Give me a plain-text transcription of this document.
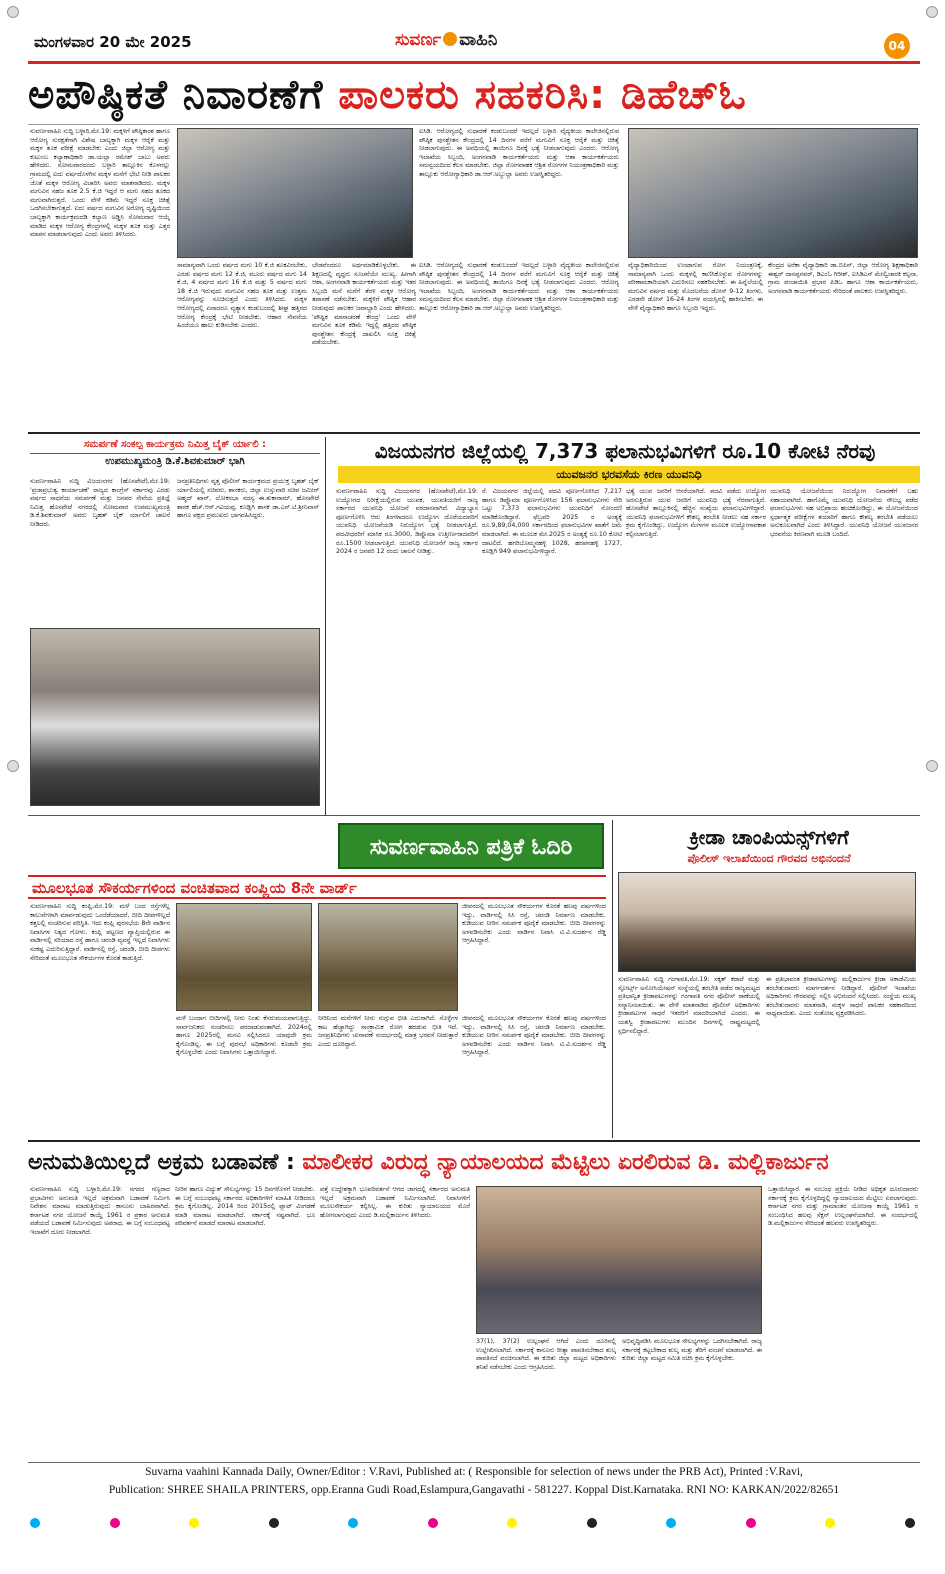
ಮಂಗಳವಾರ 20 ಮೇ 2025	ಸುವರ್ಣ ವಾಹಿನಿ	04
ಅಪೌಷ್ಠಿಕತೆ ನಿವಾರಣೆಗೆ ಪಾಲಕರು ಸಹಕರಿಸಿ: ಡಿಹೆಚ್‌ಓ
ಸುವರ್ಣವಾಹಿನಿ ಸುದ್ದಿ ಬಳ್ಳಾರಿ,ಮೇ.19: ಮಕ್ಕಳಿಗೆ ಪೌಷ್ಠಿಕಾಂಶ ಹಾಗೂ ಆರೋಗ್ಯ ಸುರಕ್ಷತೆಗಾಗಿ ವಿಶೇಷ ಬಾಲ್ಯಕ್ಕಾಗಿ ಮಕ್ಕಳ ಆರೈಕೆ ಮತ್ತು ಮಕ್ಕಳ ತೂಕ ಪರೀಕ್ಷೆ ಮಾಡಬೇಕು ಎಂದು ಜಿಲ್ಲಾ ಆರೋಗ್ಯ ಮತ್ತು ಕುಟುಂಬ ಕಲ್ಯಾಣಾಧಿಕಾರಿ ಡಾ.ಯಲ್ಲಾ ರಮೇಶ್ ಬಾಬು ಅವರು ಹೇಳಿದರು. ಸೋಮವಾರದಂದು ಬಳ್ಳಾರಿ ತಾಲ್ಲೂಕಿನ ಕೊಳಗಲ್ಲು ಗ್ರಾಮದಲ್ಲಿ ಐದು ವರ್ಷದೊಳಗಿನ ಮಕ್ಕಳ ಮನೆಗೆ ಭೇಟಿ ನೀಡಿ ಪಾಲಕರ ಜೊತೆ ಮಕ್ಕಳ ಆರೋಗ್ಯ ವಿಚಾರಿಸಿ ಅವರು ಮಾತನಾಡಿದರು. ಮಕ್ಕಳ ಮಗುವಿನ ಸಹಜ ತೂಕ 2.5 ಕೆ.ಜಿ ಇದ್ದರೆ ಆ ಮಗು ಸಹಜ ತೂಕದ ಮಗುವಾಗಿರುತ್ತದೆ. ಒಂದು ವೇಳೆ ಕಡಿಮೆ ಇದ್ದರೆ ಸೂಕ್ತ ಚಿಕಿತ್ಸೆ ಒದಗಿಸಬೇಕಾಗುತ್ತದೆ. ಐದು ವರ್ಷದ ಮಗುವಿನ ಅರೋಗ್ಯ ದೃಷ್ಟಿಯಿಂದ ಬಾಲ್ಯಕ್ಕಾಗಿ ಕಾರ್ಯಕ್ರಮದಡಿ ಕಲ್ಯಾಣ ಅಡ್ಡಿಸಿ ಸೋಮವಾರ ಆಯ್ಕೆ ಮಾಡಿದ ಮಕ್ಕಳ ಆರೋಗ್ಯ ಕೇಂದ್ರಗಳಲ್ಲಿ ಮಕ್ಕಳ ತೂಕ ಮತ್ತು ಎತ್ತರ ಮಾಪನ ಮಾಡಲಾಗುವುದು ಎಂದು ಅವರು ತಿಳಿಸಿದರು.
ಐಸಿಡಿ. ಆರೋಗ್ಯದಲ್ಲಿ ಸುಧಾರಣೆ ಕಂಡುಬಂದರೆ ಇದಲ್ಲದೆ ಬಳ್ಳಾರಿ ವೈದ್ಯಕೀಯ ಕಾಲೇಜಿನಲ್ಲಿರುವ ಪೌಷ್ಠಿಕ ಪುನಶ್ಚೇತನ ಕೇಂದ್ರದಲ್ಲಿ 14 ದಿನಗಳ ವರೆಗೆ ಮಗುವಿಗೆ ಸೂಕ್ತ ಆರೈಕೆ ಮತ್ತು ಚಿಕಿತ್ಸೆ ನೀಡಲಾಗುವುದು. ಈ ಅವಧಿಯಲ್ಲಿ ತಾಯಿಗೂ ದಿನಕ್ಕೆ ಭತ್ಯೆ ನೀಡಲಾಗುವುದು ಎಂದರು. ಆರೋಗ್ಯ ಇಲಾಖೆಯ ಸಿಬ್ಬಂದಿ, ಅಂಗನವಾಡಿ ಕಾರ್ಯಕರ್ತೆಯರು ಮತ್ತು ಆಶಾ ಕಾರ್ಯಕರ್ತೆಯರು ಸಮನ್ವಯದಿಂದ ಕೆಲಸ ಮಾಡಬೇಕು. ಜಿಲ್ಲಾ ರೋಗವಾಹಕ ಆಶ್ರಿತ ರೋಗಗಳ ನಿಯಂತ್ರಣಾಧಿಕಾರಿ ಮತ್ತು ತಾಲ್ಲೂಕು ಆರೋಗ್ಯಾಧಿಕಾರಿ ಡಾ.ಆರ್.ಅಬ್ದುಲ್ಲಾ ಅವರು ಉಪಸ್ಥಿತರಿದ್ದರು.
ಸಾಮಾನ್ಯವಾಗಿ ಒಂದು ವರ್ಷದ ಮಗು 10 ಕೆ.ಜಿ ತೂಕವಿರಬೇಕು, ಎರಡು ವರ್ಷದ ಮಗು 12 ಕೆ.ಜಿ, ಮೂರು ವರ್ಷದ ಮಗು 14 ಕೆ.ಜಿ, 4 ವರ್ಷದ ಮಗು 16 ಕೆ.ಜಿ ಮತ್ತು 5 ವರ್ಷದ ಮಗು 18 ಕೆ.ಜಿ ಇರುವುದು ಮಗುವಿನ ಸಹಜ ತೂಕ ಮತ್ತು ಉತ್ತಮ ಆರೋಗ್ಯವನ್ನು ಸೂಚಿಸುತ್ತದೆ ಎಂದು ತಿಳಿಸಿದರು. ಮಕ್ಕಳ ಆರೋಗ್ಯದಲ್ಲಿ ಏನಾದರೂ ವ್ಯತ್ಯಾಸ ಕಂಡುಬಂದಲ್ಲಿ ಶೀಘ್ರ ಹತ್ತಿರದ ಆರೋಗ್ಯ ಕೇಂದ್ರಕ್ಕೆ ಭೇಟಿ ನೀಡಬೇಕು. ಆಹಾರ ಸೇವನೆಯ ಹಿಂದೆಯೂ ಹಾಲು ಕುಡಿಸಬೇಕು ಎಂದರು.
ಬೇಡವೆಂದರೂ ಅರ್ಥಮಾಡಿಕೊಳ್ಳಬೇಕು. ಈ ಶಿಕ್ಷಣದಲ್ಲಿ ವೃದ್ಧರು ಸೂಚನೆಯೇ ಮುಖ್ಯ. ಹೀಗಾಗಿ ಆಶಾ, ಅಂಗನವಾಡಿ ಕಾರ್ಯಕರ್ತೆಯರು ಮತ್ತು ಇತರ ಸಿಬ್ಬಂದಿ ಮನೆ ಮನೆಗೆ ತೆರಳಿ ಮಕ್ಕಳ ಆರೋಗ್ಯ ತಪಾಸಣೆ ನಡೆಸಬೇಕು. ಮಕ್ಕಳಿಗೆ ಪೌಷ್ಠಿಕ ಆಹಾರ ನೀಡುವುದು ಪಾಲಕರ ಜವಾಬ್ದಾರಿ ಎಂದು ಹೇಳಿದರು. 'ಪೌಷ್ಟಿಕ ಮಾಸಾಚರಣೆ ಕೇಂದ್ರ' ಒಂದು ವೇಳೆ ಮಗುವಿನ ತೂಕ ಕಡಿಮೆ ಇದ್ದಲ್ಲಿ ಹತ್ತಿರದ ಪೌಷ್ಠಿಕ ಪುನಶ್ಚೇತನ ಕೇಂದ್ರಕ್ಕೆ ದಾಖಲಿಸಿ ಸೂಕ್ತ ಚಿಕಿತ್ಸೆ ಪಡೆಯಬೇಕು.
ಐಸಿಡಿ. ಆರೋಗ್ಯದಲ್ಲಿ ಸುಧಾರಣೆ ಕಂಡುಬಂದರೆ ಇದಲ್ಲದೆ ಬಳ್ಳಾರಿ ವೈದ್ಯಕೀಯ ಕಾಲೇಜಿನಲ್ಲಿರುವ ಪೌಷ್ಠಿಕ ಪುನಶ್ಚೇತನ ಕೇಂದ್ರದಲ್ಲಿ 14 ದಿನಗಳ ವರೆಗೆ ಮಗುವಿಗೆ ಸೂಕ್ತ ಆರೈಕೆ ಮತ್ತು ಚಿಕಿತ್ಸೆ ನೀಡಲಾಗುವುದು. ಈ ಅವಧಿಯಲ್ಲಿ ತಾಯಿಗೂ ದಿನಕ್ಕೆ ಭತ್ಯೆ ನೀಡಲಾಗುವುದು ಎಂದರು. ಆರೋಗ್ಯ ಇಲಾಖೆಯ ಸಿಬ್ಬಂದಿ, ಅಂಗನವಾಡಿ ಕಾರ್ಯಕರ್ತೆಯರು ಮತ್ತು ಆಶಾ ಕಾರ್ಯಕರ್ತೆಯರು ಸಮನ್ವಯದಿಂದ ಕೆಲಸ ಮಾಡಬೇಕು. ಜಿಲ್ಲಾ ರೋಗವಾಹಕ ಆಶ್ರಿತ ರೋಗಗಳ ನಿಯಂತ್ರಣಾಧಿಕಾರಿ ಮತ್ತು ತಾಲ್ಲೂಕು ಆರೋಗ್ಯಾಧಿಕಾರಿ ಡಾ.ಆರ್.ಅಬ್ದುಲ್ಲಾ ಅವರು ಉಪಸ್ಥಿತರಿದ್ದರು.
ವೈದ್ಯಾಧಿಕಾರಿಯಿಂದ ಉಂಟಾಗುವ ರೋಗ ನಿಯಂತ್ರಣಕ್ಕೆ, ಸಾಮಾನ್ಯವಾಗಿ ಒಂದು ಮಕ್ಕಳಲ್ಲಿ ಕಾಣಿಸಿಕೊಳ್ಳುವ ರೋಗಗಳನ್ನು ಪರಿಣಾಮಕಾರಿಯಾಗಿ ಎದುರಿಸಲು ಸಹಕರಿಸಬೇಕು. ಈ ಹಿನ್ನೆಲೆಯಲ್ಲಿ ಮಗುವಿನ ವರ್ಷದ ಮತ್ತು ಮೊದಲನೆಯ ಡೋಸ್ 9-12 ತಿಂಗಳು, ಎರಡನೇ ಡೋಸ್ 16-24 ತಿಂಗಳ ವಯಸ್ಸಿನಲ್ಲಿ ಹಾಕಿಸಬೇಕು. ಈ ವೇಳೆ ವೈದ್ಯಾಧಿಕಾರಿ ಹಾಗೂ ಸಿಬ್ಬಂದಿ ಇದ್ದರು.
ಕೇಂದ್ರದ ಅರೆಕಾ ವೈದ್ಯಾಧಿಕಾರಿ ಡಾ.ಬಿಪಿನ್, ಜಿಲ್ಲಾ ಆರೋಗ್ಯ ಶಿಕ್ಷಣಾಧಿಕಾರಿ ಈಶ್ವರ್ ದಾಸಪ್ಪನವರ್, ಡಿಎಂಓ ಗಿರೀಶ್, ಐಸಿಡಿಎಸ್ ಮೇಲ್ವಿಚಾರಕಿ ಕಲ್ಪನಾ, ಗ್ರಾಮ ಪಂಚಾಯಿತಿ ಪ್ರಭಾರ ಪಿಡಿಒ ಹಾಗೂ ಆಶಾ ಕಾರ್ಯಕರ್ತೆಯರು, ಅಂಗನವಾಡಿ ಕಾರ್ಯಕರ್ತೆಯರು ಸೇರಿದಂತೆ ಪಾಲಕರು ಉಪಸ್ಥಿತರಿದ್ದರು.
ಸಮರ್ಪಣೆ ಸಂಕಲ್ಪ ಕಾರ್ಯಕ್ರಮ ನಿಮಿತ್ತ ಬೈಕ್ ರ್ಯಾಲಿ :
ಉಪಮುಖ್ಯಮಂತ್ರಿ ಡಿ.ಕೆ.ಶಿವಕುಮಾರ್ ಭಾಗಿ
ಸುವರ್ಣವಾಹಿನಿ ಸುದ್ದಿ ವಿಜಯನಗರ (ಹೊಸಪೇಟೆ),ಮೇ.19: 'ಪ್ರಜಾಪ್ರಭುತ್ವ ಕಾರ್ಯಾಚಣೆ' ರಾಜ್ಯದ ಕಾಂಗ್ರೆಸ್ ಸರ್ಕಾರವು ಎರಡು ವರ್ಷದ ಸಾಧನೆಯ ಸಮರ್ಪಣೆ ಮತ್ತು ಜನಪರ ಸೇವೆಯ ಪ್ರತಿಜ್ಞೆ ನಿಮಿತ್ತ ಹೊಸಪೇಟೆ ನಗರದಲ್ಲಿ ಸೋಮವಾರ ಉಪಮುಖ್ಯಮಂತ್ರಿ ಡಿ.ಕೆ.ಶಿವಕುಮಾರ್ ಅವರು ಬೃಹತ್ ಬೈಕ್ ರ್ಯಾಲಿಗೆ ಚಾಲನೆ ನೀಡಿದರು.
ಜನಪ್ರತಿನಿಧಿಗಳು ವೃತ್ತ ಪೊಲೀಸ್ ಕಾರ್ಯಕ್ರಮದ ಪ್ರಯುಕ್ತ ಬೃಹತ್ ಬೈಕ್ ರ್ಯಾಲಿಯಲ್ಲಿ ಸಚಿವರು, ಶಾಸಕರು, ಜಿಲ್ಲಾ ಉಸ್ತುವಾರಿ ಸಚಿವ ಜಮೀರ್ ಅಹ್ಮದ್ ಖಾನ್, ಲೋಕಸಭಾ ಸದಸ್ಯ ಈ.ತುಕಾರಾಮ್, ಹೊಸಪೇಟೆ ಶಾಸಕ ಹೆಚ್.ಆರ್.ಗವಿಯಪ್ಪ, ಕೂಡ್ಲಿಗಿ ಶಾಸಕ ಡಾ.ಎನ್.ಟಿ.ಶ್ರೀನಿವಾಸ್ ಹಾಗೂ ಪಕ್ಷದ ಪ್ರಮುಖರು ಭಾಗವಹಿಸಿದ್ದರು.
ವಿಜಯನಗರ ಜಿಲ್ಲೆಯಲ್ಲಿ 7,373 ಫಲಾನುಭವಿಗಳಿಗೆ ರೂ.10 ಕೋಟಿ ನೆರವು
ಯುವಜನರ ಭರವಸೆಯ ಕಿರಣ ಯುವನಿಧಿ
ಸುವರ್ಣವಾಹಿನಿ ಸುದ್ದಿ ವಿಜಯನಗರ (ಹೊಸಪೇಟೆ),ಮೇ.19: ಉದ್ಯೋಗದ ನಿರೀಕ್ಷೆಯಲ್ಲಿರುವ ಯುವಕ, ಯುವತಿಯರಿಗೆ ರಾಜ್ಯ ಸರ್ಕಾರದ ಯುವನಿಧಿ ಯೋಜನೆ ವರದಾನವಾಗಿದೆ. ವಿದ್ಯಾಭ್ಯಾಸ ಪೂರ್ಣಗೊಳಿಸಿ ಆರು ತಿಂಗಳಾದರೂ ಉದ್ಯೋಗ ದೊರೆಯದವರಿಗೆ ಯುವನಿಧಿ ಯೋಜನೆಯಡಿ ನಿರುದ್ಯೋಗ ಭತ್ಯೆ ನೀಡಲಾಗುತ್ತಿದೆ. ಪದವೀಧರರಿಗೆ ಮಾಸಿಕ ರೂ.3000, ಡಿಪ್ಲೊಮಾ ಉತ್ತೀರ್ಣರಾದವರಿಗೆ ರೂ.1500 ನೀಡಲಾಗುತ್ತಿದೆ. ಯುವನಿಧಿ ಯೋಜನೆಗೆ ರಾಜ್ಯ ಸರ್ಕಾರ 2024 ರ ಜನವರಿ 12 ರಂದು ಚಾಲನೆ ನೀಡಿತ್ತು.
ರೆ. ವಿಜಯನಗರ ಜಿಲ್ಲೆಯಲ್ಲಿ ಪದವಿ ಪೂರ್ಣಗೊಳಿಸಿದ 7,217 ಹಾಗೂ ಡಿಪ್ಲೊಮಾ ಪೂರ್ಣಗೊಳಿಸಿದ 156 ಫಲಾನುಭವಿಗಳು ಸೇರಿ ಒಟ್ಟು 7,373 ಫಲಾನುಭವಿಗಳು ಯುವನಿಧಿಗೆ ನೋಂದಣಿ ಮಾಡಿಕೊಂಡಿದ್ದಾರೆ. ಫೆಬ್ರವರಿ 2025 ರ ಅಂತ್ಯಕ್ಕೆ ರೂ.9,89,04,000 ಸರ್ಕಾರದಿಂದ ಫಲಾನುಭವಿಗಳ ಖಾತೆಗೆ ಜಮೆ ಮಾಡಲಾಗಿದೆ. ಈ ಮೂಲಕ ಮೇ.2025 ರ ಅಂತ್ಯಕ್ಕೆ ರೂ.10 ಕೋಟಿ ದಾಟಲಿದೆ. ಹಗರಿಬೊಮ್ಮನಹಳ್ಳಿ 1028, ಹರಪನಹಳ್ಳಿ 1727, ಕೂಡ್ಲಿಗಿ 949 ಫಲಾನುಭವಿಗಳಿದ್ದಾರೆ.
ಭತ್ಯೆ ಯುವ ಜನರಿಗೆ ಆಸರೆಯಾಗಿದೆ. ಪದವಿ ಪಡೆದು ಉದ್ಯೋಗ ಅರಸುತ್ತಿರುವ ಯುವ ಜನರಿಗೆ ಯುವನಿಧಿ ಭತ್ಯೆ ನೆರವಾಗುತ್ತಿದೆ. ಹೊಸಪೇಟೆ ತಾಲ್ಲೂಕಿನಲ್ಲಿ ಹೆಚ್ಚಿನ ಸಂಖ್ಯೆಯ ಫಲಾನುಭವಿಗಳಿದ್ದಾರೆ. ಯುವನಿಧಿ ಫಲಾನುಭವಿಗಳಿಗೆ ಕೌಶಲ್ಯ ತರಬೇತಿ ನೀಡಲು ಸಹ ಸರ್ಕಾರ ಕ್ರಮ ಕೈಗೊಂಡಿದ್ದು, ಉದ್ಯೋಗ ಮೇಳಗಳ ಮೂಲಕ ಉದ್ಯೋಗಾವಕಾಶ ಕಲ್ಪಿಸಲಾಗುತ್ತಿದೆ.
ಯುವನಿಧಿ ಯೋಜನೆಯಿಂದ ನಿರುದ್ಯೋಗ ನಿವಾರಣೆಗೆ ಬಹು ಸಹಾಯವಾಗಿದೆ. ಹಾಗೊಮ್ಮೆ ಯುವನಿಧಿ ಯೋಜನೆಯ ಸೌಲಭ್ಯ ಪಡೆದ ಫಲಾನುಭವಿಗಳು ಸಹ ಅಭಿಪ್ರಾಯ ಹಂಚಿಕೊಂಡಿದ್ದು, ಈ ಯೋಜನೆಯಿಂದ ಸ್ಪರ್ಧಾತ್ಮಕ ಪರೀಕ್ಷೆಗಳ ತಯಾರಿಗೆ ಹಾಗೂ ಕೌಶಲ್ಯ ತರಬೇತಿ ಪಡೆಯಲು ಅನುಕೂಲವಾಗಿದೆ ಎಂದು ತಿಳಿಸಿದ್ದಾರೆ. ಯುವನಿಧಿ ಯೋಜನೆ ಯುವಜನರ ಭರವಸೆಯ ಕಿರಣವಾಗಿ ಮೂಡಿ ಬಂದಿದೆ.
ಸುವರ್ಣವಾಹಿನಿ ಪತ್ರಿಕೆ ಓದಿರಿ	ಕ್ರೀಡಾ ಚಾಂಪಿಯನ್ಸ್‌ಗಳಿಗೆ
ಪೊಲೀಸ್ ಇಲಾಖೆಯಿಂದ ಗೌರವದ ಅಭಿನಂದನೆ
ಸುವರ್ಣವಾಹಿನಿ ಸುದ್ದಿ ಗಂಗಾವತಿ,ಮೇ.19: ಸಕ್ಕತ್ ಕರಾಟೆ ಮತ್ತು ಸ್ಪೋರ್ಟ್ಸ್ ಅಸೋಸಿಯೇಷನ್ ಸಂಸ್ಥೆಯಲ್ಲಿ ತರಬೇತಿ ಪಡೆದ ರಾಜ್ಯಮಟ್ಟದ ಪ್ರತಿಭಾನ್ವಿತ ಕ್ರೀಡಾಪಟುಗಳನ್ನು ಗಂಗಾವತಿ ನಗರ ಪೊಲೀಸ್ ಠಾಣೆಯಲ್ಲಿ ಸನ್ಮಾನಿಸಲಾಯಿತು. ಈ ವೇಳೆ ಮಾತನಾಡಿದ ಪೊಲೀಸ್ ಅಧಿಕಾರಿಗಳು ಕ್ರೀಡಾಪಟುಗಳ ಸಾಧನೆ ಇತರರಿಗೆ ಮಾದರಿಯಾಗಿದೆ ಎಂದರು. ಈ ಯಶಸ್ವಿ ಕ್ರೀಡಾಪಟುಗಳು ಮುಂದಿನ ದಿನಗಳಲ್ಲಿ ರಾಷ್ಟ್ರಮಟ್ಟದಲ್ಲಿ ಸ್ಪರ್ಧಿಸಲಿದ್ದಾರೆ.
ಈ ಪ್ರತಿಭಾವಂತ ಕ್ರೀಡಾಪಟುಗಳನ್ನು ಮಲ್ಲಿಕಾರ್ಜುನ ಕ್ರೀಡಾ ಅಕಾಡೆಮಿಯ ತರಬೇತುದಾರರು ಮಾರ್ಗದರ್ಶನ ನೀಡಿದ್ದಾರೆ. ಪೊಲೀಸ್ ಇಲಾಖೆಯ ಅಧಿಕಾರಿಗಳು ಗೌರವವನ್ನು ಸಲ್ಲಿಸಿ ಅಭಿನಂದನೆ ಸಲ್ಲಿಸಿದರು. ಸಂಸ್ಥೆಯ ಮುಖ್ಯ ತರಬೇತುದಾರರು ಮಾತನಾಡಿ, ಮಕ್ಕಳ ಸಾಧನೆ ಪಾಲಕರ ಸಹಕಾರದಿಂದ ಸಾಧ್ಯವಾಯಿತು. ಎಂದು ಸಂತೋಷ ವ್ಯಕ್ತಪಡಿಸಿದರು.
ಮೂಲಭೂತ ಸೌಕರ್ಯಗಳಿಂದ ವಂಚಿತವಾದ ಕಂಪ್ಲಿಯ 8ನೇ ವಾರ್ಡ್
ಸುವರ್ಣವಾಹಿನಿ ಸುದ್ದಿ ಕಂಪ್ಲಿ,ಮೇ.19: ಮಳೆ ಬಂದ ರಸ್ತೆಗಳೆಲ್ಲ ಕಾಲುವೆಗಳಾಗಿ ಮಾರ್ಪಡುವುದು ಒಂದೆಡೆಯಾದರೆ, ಬೀದಿ ದೀಪಗಳಿಲ್ಲದೆ ಕತ್ತಲಲ್ಲಿ ಸಂಚರಿಸುವ ಪರಿಸ್ಥಿತಿ. ಇದು ಕಂಪ್ಲಿ ಪುರಸಭೆಯ 8ನೇ ವಾರ್ಡಿನ ನಿವಾಸಿಗಳ ನಿತ್ಯದ ಗೋಳು. ಕಂಪ್ಲಿ ಪಟ್ಟಣದ ವ್ಯಾಪ್ತಿಯಲ್ಲಿರುವ ಈ ವಾರ್ಡಿನಲ್ಲಿ ಸರಿಯಾದ ರಸ್ತೆ ಹಾಗೂ ಚರಂಡಿ ವ್ಯವಸ್ಥೆ ಇಲ್ಲದೆ ನಿವಾಸಿಗಳು ಸಂಕಷ್ಟ ಎದುರಿಸುತ್ತಿದ್ದಾರೆ. ವಾರ್ಡಿನಲ್ಲಿ ರಸ್ತೆ, ಚರಂಡಿ, ಬೀದಿ ದೀಪಗಳು ಸೇರಿದಂತೆ ಮೂಲಭೂತ ಸೌಕರ್ಯಗಳ ಕೊರತೆ ಕಾಡುತ್ತಿದೆ.
ಜೀವನದಲ್ಲಿ ಮೂಲಭೂತ ಸೌಕರ್ಯಗಳ ಕೊರತೆ ಹಲವು ವರ್ಷಗಳಿಂದ ಇದ್ದು, ವಾರ್ಡಿನಲ್ಲಿ ಸಿಸಿ ರಸ್ತೆ, ಚರಂಡಿ ನಿರ್ಮಾಣ ಮಾಡಬೇಕು. ಕುಡಿಯುವ ನೀರಿನ ಸಮರ್ಪಕ ಪೂರೈಕೆ ಮಾಡಬೇಕು. ಬೀದಿ ದೀಪಗಳನ್ನು ಅಳವಡಿಸಬೇಕು ಎಂದು ವಾರ್ಡಿನ ನಿವಾಸಿ ಟಿ.ವಿ.ಸುದರ್ಶನ ರೆಡ್ಡಿ ಆಗ್ರಹಿಸಿದ್ದಾರೆ.
ಮಳೆ ಬಂದಾಗ ಬೀದಿಗಳಲ್ಲಿ ನೀರು ನಿಂತು ಕೆಸರುಮಯವಾಗುತ್ತಿದ್ದು, ಸಾರ್ವಜನಿಕರು ಸಂಚರಿಸಲು ಪರದಾಡುವಂತಾಗಿದೆ. 2024ರಲ್ಲಿ ಹಾಗೂ 2025ರಲ್ಲಿ ಮನವಿ ಸಲ್ಲಿಸಿದರೂ ಯಾವುದೇ ಕ್ರಮ ಕೈಗೊಂಡಿಲ್ಲ. ಈ ಬಗ್ಗೆ ಪುರಸಭೆ ಅಧಿಕಾರಿಗಳು ಕೂಡಲೇ ಕ್ರಮ ಕೈಗೊಳ್ಳಬೇಕು ಎಂದು ನಿವಾಸಿಗಳು ಒತ್ತಾಯಿಸಿದ್ದಾರೆ.
ನೀರಿನಿಂದ ಮನೆಗಳಿಗೆ ನೀರು ನುಗ್ಗುವ ಭೀತಿ ಎದುರಾಗಿದೆ. ಸೊಳ್ಳೆಗಳ ಕಾಟ ಹೆಚ್ಚಾಗಿದ್ದು ಸಾಂಕ್ರಾಮಿಕ ರೋಗ ಹರಡುವ ಭೀತಿ ಇದೆ. ಜನಪ್ರತಿನಿಧಿಗಳು ಚುನಾವಣೆ ಸಂದರ್ಭದಲ್ಲಿ ಮಾತ್ರ ಭರವಸೆ ನೀಡುತ್ತಾರೆ ಎಂದು ದೂರಿದ್ದಾರೆ.
ಜೀವನದಲ್ಲಿ ಮೂಲಭೂತ ಸೌಕರ್ಯಗಳ ಕೊರತೆ ಹಲವು ವರ್ಷಗಳಿಂದ ಇದ್ದು, ವಾರ್ಡಿನಲ್ಲಿ ಸಿಸಿ ರಸ್ತೆ, ಚರಂಡಿ ನಿರ್ಮಾಣ ಮಾಡಬೇಕು. ಕುಡಿಯುವ ನೀರಿನ ಸಮರ್ಪಕ ಪೂರೈಕೆ ಮಾಡಬೇಕು. ಬೀದಿ ದೀಪಗಳನ್ನು ಅಳವಡಿಸಬೇಕು ಎಂದು ವಾರ್ಡಿನ ನಿವಾಸಿ ಟಿ.ವಿ.ಸುದರ್ಶನ ರೆಡ್ಡಿ ಆಗ್ರಹಿಸಿದ್ದಾರೆ.
ಅನುಮತಿಯಿಲ್ಲದೆ ಅಕ್ರಮ ಬಡಾವಣೆ : ಮಾಲೀಕರ ವಿರುದ್ಧ ನ್ಯಾಯಾಲಯದ ಮೆಟ್ಟಿಲು ಏರಲಿರುವ ಡಿ. ಮಲ್ಲಿಕಾರ್ಜುನ
ಸುವರ್ಣವಾಹಿನಿ ಸುದ್ದಿ ಬಳ್ಳಾರಿ,ಮೇ.19: ನಗರದ ಗಣ್ಯರಾದ ಪ್ರಭಾವಿಗಳು ಅನುಮತಿ ಇಲ್ಲದೆ ಅಕ್ರಮವಾಗಿ ಬಡಾವಣೆ ನಿರ್ಮಿಸಿ ನಿವೇಶನ ಮಾರಾಟ ಮಾಡುತ್ತಿರುವುದು ಕಾನೂನು ಬಾಹಿರವಾಗಿದೆ. ಕರ್ನಾಟಕ ನಗರ ಯೋಜನೆ ಕಾಯ್ದೆ 1961 ರ ಪ್ರಕಾರ ಅನುಮತಿ ಪಡೆಯದೆ ಬಡಾವಣೆ ನಿರ್ಮಿಸುವುದು ಅಪರಾಧ. ಈ ಬಗ್ಗೆ ಸಂಬಂಧಪಟ್ಟ ಇಲಾಖೆಗೆ ದೂರು ನೀಡಲಾಗಿದೆ.
ನೀರಿನ ಹಾಗೂ ವಿದ್ಯುತ್ ಸೌಲಭ್ಯಗಳನ್ನು 15 ದಿನಗಳೊಳಗೆ ನೀಡಬೇಕು. ಈ ಬಗ್ಗೆ ಸಂಬಂಧಪಟ್ಟ ಸರ್ಕಾರದ ಅಧಿಕಾರಿಗಳಿಗೆ ಮಾಹಿತಿ ನೀಡಿದರೂ ಕ್ರಮ ಕೈಗೊಂಡಿಲ್ಲ. 2014 ರಿಂದ 2015ರಲ್ಲಿ ಪ್ಲಾಟ್ ವಿಂಗಡಣೆ ಮಾಡಿ ಮಾರಾಟ ಮಾಡಲಾಗಿದೆ. ಸರ್ಕಾರಕ್ಕೆ ನಷ್ಟವಾಗಿದೆ. ಭೂ ಪರಿವರ್ತನೆ ಮಾಡದೆ ಮಾರಾಟ ಮಾಡಲಾಗಿದೆ.
ಪತ್ತೆ ಉದ್ದೇಶಕ್ಕಾಗಿ ಭೂಪರಿವರ್ತನೆ ಆಗದ ಜಾಗದಲ್ಲಿ ಸರ್ಕಾರದ ಅನುಮತಿ ಇಲ್ಲದೆ ಅಕ್ರಮವಾಗಿ ಬಡಾವಣೆ ನಿರ್ಮಿಸಲಾಗಿದೆ. ನಿವಾಸಿಗಳಿಗೆ ಮೂಲಸೌಕರ್ಯ ಕಲ್ಪಿಸಿಲ್ಲ. ಈ ಕುರಿತು ನ್ಯಾಯಾಲಯದ ಮೊರೆ ಹೋಗಲಾಗುವುದು ಎಂದು ಡಿ.ಮಲ್ಲಿಕಾರ್ಜುನ ತಿಳಿಸಿದರು.
37(1), 37(2) ಉಲ್ಲಂಘನೆ ಆಗಿದೆ ಎಂದು ದೂರಿನಲ್ಲಿ ಉಲ್ಲೇಖಿಸಲಾಗಿದೆ. ಸರ್ಕಾರಕ್ಕೆ ಕಾನೂನು ರೀತ್ಯಾ ಪಾವತಿಸಬೇಕಾದ ಶುಲ್ಕ ಪಾವತಿಸದೆ ವಂಚಿಸಲಾಗಿದೆ. ಈ ಕುರಿತು ಜಿಲ್ಲಾ ಮಟ್ಟದ ಅಧಿಕಾರಿಗಳು ತನಿಖೆ ನಡೆಸಬೇಕು ಎಂದು ಆಗ್ರಹಿಸಿದರು.
ಅಭಿವೃದ್ಧಿಪಡಿಸಿ ಮೂಲಭೂತ ಸೌಲಭ್ಯಗಳನ್ನು ಒದಗಿಸಬೇಕಾಗಿದೆ. ರಾಜ್ಯ ಸರ್ಕಾರಕ್ಕೆ ಕಟ್ಟಬೇಕಾದ ಶುಲ್ಕ ಮತ್ತು ತೆರಿಗೆ ವಂಚನೆ ಮಾಡಲಾಗಿದೆ. ಈ ಕುರಿತು ಜಿಲ್ಲಾ ಮಟ್ಟದ ಸಮಿತಿ ರಚಿಸಿ ಕ್ರಮ ಕೈಗೊಳ್ಳಬೇಕು.
ಒತ್ತಾಯಿಸಿದ್ದಾರೆ. ಈ ಸಂಬಂಧ ಪ್ರಕ್ರಿಯೆ ನೀಡಿದ ಅಧಿಕೃತ ದೂರುದಾರರು ಸರ್ಕಾರಕ್ಕೆ ಕ್ರಮ ಕೈಗೊಳ್ಳದಿದ್ದಲ್ಲಿ ನ್ಯಾಯಾಲಯದ ಮೆಟ್ಟಿಲು ಏರಲಾಗುವುದು. ಕರ್ನಾಟಕ ನಗರ ಮತ್ತು ಗ್ರಾಮಾಂತರ ಯೋಜನಾ ಕಾಯ್ದೆ 1961 ರ ಸಂಬಂಧಿಸಿದ ಹಲವು ಸೆಕ್ಷನ್ ಉಲ್ಲಂಘನೆಯಾಗಿದೆ. ಈ ಸಂದರ್ಭದಲ್ಲಿ ಡಿ.ಮಲ್ಲಿಕಾರ್ಜುನ ಸೇರಿದಂತೆ ಹಲವರು ಉಪಸ್ಥಿತರಿದ್ದರು.
Suvarna vaahini Kannada Daily, Owner/Editor : V.Ravi, Published at: ( Responsible for selection of news under the PRB Act), Printed :V.Ravi,
Publication: SHREE SHAILA PRINTERS, opp.Eranna Gudi Road,Eslampura,Gangavathi - 581227. Koppal Dist.Karnataka. RNI NO: KARKAN/2022/82651
